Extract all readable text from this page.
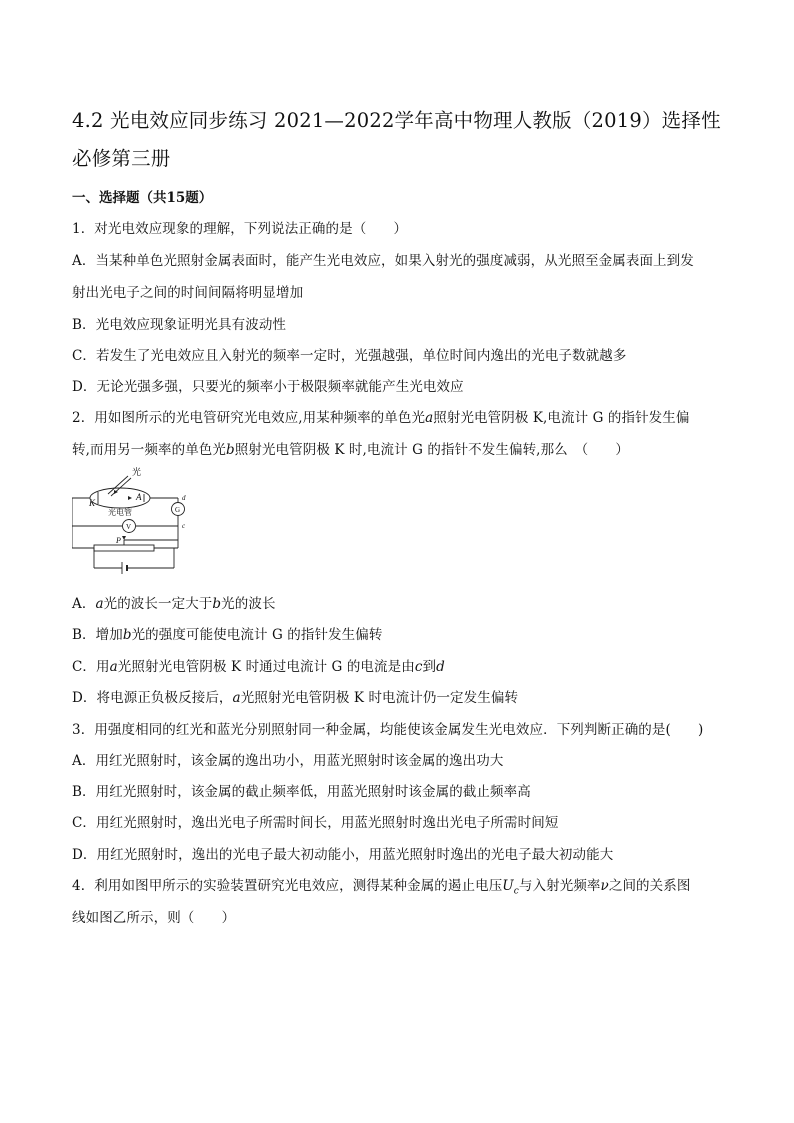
4.2 光电效应同步练习 2021—2022学年高中物理人教版（2019）选择性必修第三册
一、选择题（共15题）
1．对光电效应现象的理解，下列说法正确的是（　　）
A．当某种单色光照射金属表面时，能产生光电效应，如果入射光的强度减弱，从光照至金属表面上到发
射出光电子之间的时间间隔将明显增加
B．光电效应现象证明光具有波动性
C．若发生了光电效应且入射光的频率一定时，光强越强，单位时间内逸出的光电子数就越多
D．无论光强多强，只要光的频率小于极限频率就能产生光电效应
2．用如图所示的光电管研究光电效应,用某种频率的单色光a照射光电管阴极 K,电流计 G 的指针发生偏
转,而用另一频率的单色光b照射光电管阴极 K 时,电流计 G 的指针不发生偏转,那么　（　　）
光
K
A
光电管	G
V
d
c
P
A．a光的波长一定大于b光的波长
B．增加b光的强度可能使电流计 G 的指针发生偏转
C．用a光照射光电管阴极 K 时通过电流计 G 的电流是由c到d
D．将电源正负极反接后，a光照射光电管阴极 K 时电流计仍一定发生偏转
3．用强度相同的红光和蓝光分别照射同一种金属，均能使该金属发生光电效应．下列判断正确的是(　　)
A．用红光照射时，该金属的逸出功小，用蓝光照射时该金属的逸出功大
B．用红光照射时，该金属的截止频率低，用蓝光照射时该金属的截止频率高
C．用红光照射时，逸出光电子所需时间长，用蓝光照射时逸出光电子所需时间短
D．用红光照射时，逸出的光电子最大初动能小，用蓝光照射时逸出的光电子最大初动能大
4．利用如图甲所示的实验装置研究光电效应，测得某种金属的遏止电压$U_c$与入射光频率ν之间的关系图
线如图乙所示，则（　　）
